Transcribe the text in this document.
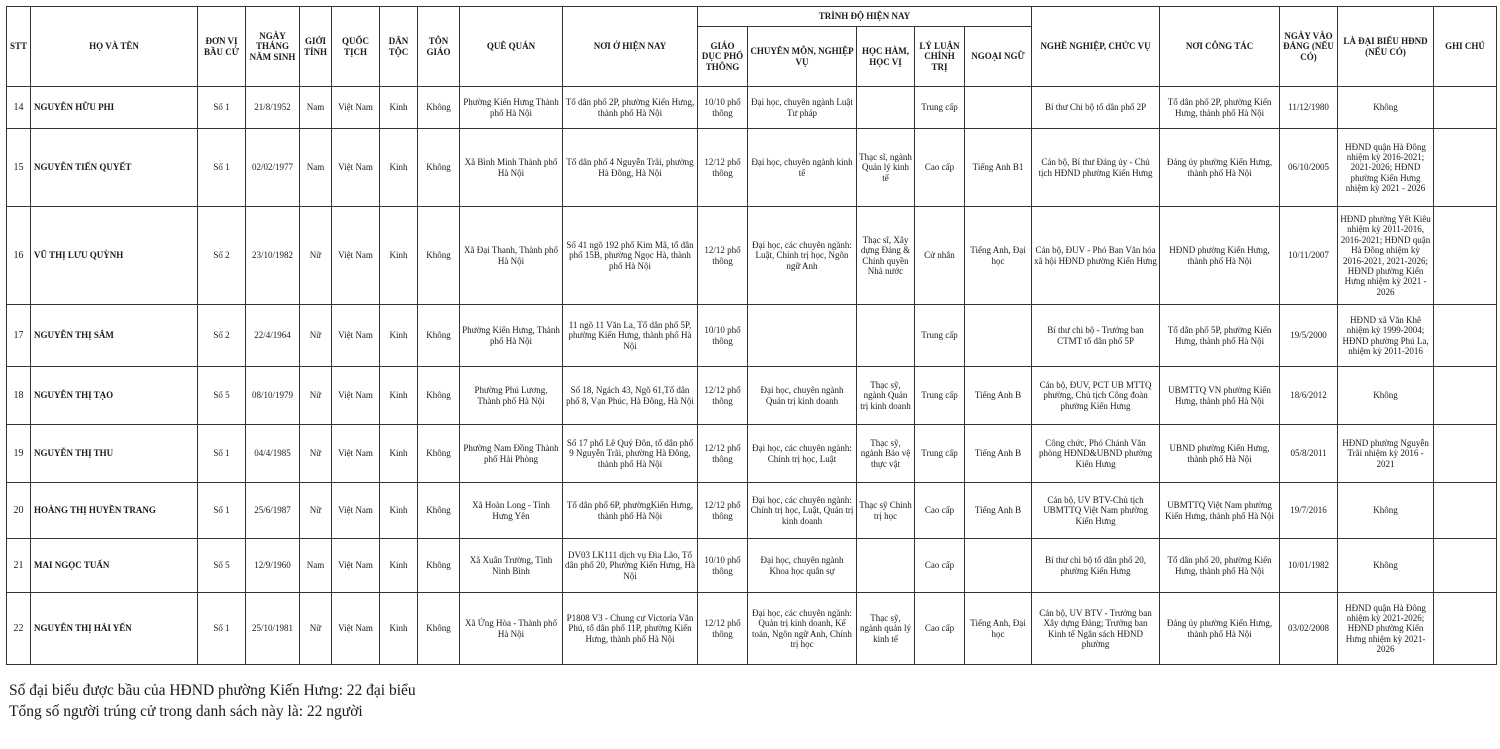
STT	HỌ VÀ TÊN	ĐƠN VỊ BẦU CỬ	NGÀY THÁNG NĂM SINH	GIỚI TÍNH	QUỐC TỊCH	DÂN TỘC	TÔN GIÁO	QUÊ QUÁN	NƠI Ở HIỆN NAY	TRÌNH ĐỘ HIỆN NAY					NGHỀ NGHIỆP, CHỨC VỤ	NƠI CÔNG TÁC	NGÀY VÀO ĐẢNG (NẾU CÓ)	LÀ ĐẠI BIỂU HĐND (NẾU CÓ)	GHI CHÚ
										GIÁO DỤC PHỔ THÔNG	CHUYÊN MÔN, NGHIỆP VỤ	HỌC HÀM, HỌC VỊ	LÝ LUẬN CHÍNH TRỊ	NGOẠI NGỮ					
14	NGUYỄN HỮU PHI	Số 1	21/8/1952	Nam	Việt Nam	Kinh	Không	Phường Kiến Hưng Thành phố Hà Nội	Tổ dân phố 2P, phường Kiến Hưng, thành phố Hà Nội	10/10 phổ thông	Đại học, chuyên ngành Luật Tư pháp		Trung cấp		Bí thư Chi bộ tổ dân phố 2P	Tổ dân phố 2P, phường Kiến Hưng, thành phố Hà Nội	11/12/1980	Không	
15	NGUYỄN TIẾN QUYẾT	Số 1	02/02/1977	Nam	Việt Nam	Kinh	Không	Xã Bình Minh Thành phố Hà Nội	Tổ dân phố 4 Nguyễn Trãi, phường Hà Đông, Hà Nội	12/12 phổ thông	Đại học, chuyên ngành kinh tế	Thạc sĩ, ngành Quản lý kinh tế	Cao cấp	Tiếng Anh B1	Cán bộ, Bí thư Đảng ủy - Chủ tịch HĐND phường Kiến Hưng	Đảng ủy phường Kiến Hưng, thành phố Hà Nội	06/10/2005	HĐND quận Hà Đông nhiệm kỳ 2016-2021; 2021-2026; HĐND phường Kiến Hưng nhiệm kỳ 2021 - 2026	
16	VŨ THỊ LƯU QUỲNH	Số 2	23/10/1982	Nữ	Việt Nam	Kinh	Không	Xã Đại Thanh, Thành phố Hà Nội	Số 41 ngõ 192 phố Kim Mã, tổ dân phố 15B, phường Ngọc Hà, thành phố Hà Nội	12/12 phổ thông	Đại học, các chuyên ngành: Luật, Chính trị học, Ngôn ngữ Anh	Thạc sĩ, Xây dựng Đảng & Chính quyền Nhà nước	Cử nhân	Tiếng Anh, Đại học	Cán bộ, ĐUV - Phó Ban Văn hóa xã hội HĐND phường Kiến Hưng	HĐND phường Kiến Hưng, thành phố Hà Nội	10/11/2007	HĐND phường Yết Kiêu nhiệm kỳ 2011-2016, 2016-2021; HĐND quận Hà Đông nhiệm kỳ 2016-2021, 2021-2026; HĐND phường Kiến Hưng nhiệm kỳ 2021 - 2026	
17	NGUYỄN THỊ SÂM	Số 2	22/4/1964	Nữ	Việt Nam	Kinh	Không	Phường Kiến Hưng, Thành phố Hà Nội	11 ngõ 11 Văn La, Tổ dân phố 5P, phường Kiến Hưng, thành phố Hà Nội	10/10 phổ thông			Trung cấp		Bí thư chi bộ - Trưởng ban CTMT tổ dân phố 5P	Tổ dân phố 5P, phường Kiến Hưng, thành phố Hà Nội	19/5/2000	HĐND xã Văn Khê nhiệm kỳ 1999-2004; HĐND phường Phú La, nhiệm kỳ 2011-2016	
18	NGUYỄN THỊ TẠO	Số 5	08/10/1979	Nữ	Việt Nam	Kinh	Không	Phường Phú Lương, Thành phố Hà Nội	Số 18, Ngách 43, Ngõ 61,Tổ dân phố 8, Vạn Phúc, Hà Đông, Hà Nội	12/12 phổ thông	Đại học, chuyên ngành Quản trị kinh doanh	Thạc sỹ, ngành Quản trị kinh doanh	Trung cấp	Tiếng Anh B	Cán bộ, ĐUV, PCT UB MTTQ phường, Chủ tịch Công đoàn phường Kiến Hưng	UBMTTQ VN phường Kiến Hưng, thành phố Hà Nội	18/6/2012	Không	
19	NGUYỄN THỊ THU	Số 1	04/4/1985	Nữ	Việt Nam	Kinh	Không	Phường Nam Đồng Thành phố Hải Phòng	Số 17 phố Lê Quý Đôn, tổ dân phố 9 Nguyễn Trãi, phường Hà Đông, thành phố Hà Nội	12/12 phổ thông	Đại học, các chuyên ngành: Chính trị học, Luật	Thạc sỹ, ngành Bảo vệ thực vật	Trung cấp	Tiếng Anh B	Công chức, Phó Chánh Văn phòng HĐND&UBND phường Kiến Hưng	UBND phường Kiến Hưng, thành phố Hà Nội	05/8/2011	HĐND phường Nguyễn Trãi nhiệm kỳ 2016 - 2021	
20	HOÀNG THỊ HUYỀN TRANG	Số 1	25/6/1987	Nữ	Việt Nam	Kinh	Không	Xã Hoàn Long - Tỉnh Hưng Yên	Tổ dân phố 6P, phườngKiến Hưng, thành phố Hà Nội	12/12 phổ thông	Đại học, các chuyên ngành: Chính trị học, Luật, Quản trị kinh doanh	Thạc sỹ Chính trị học	Cao cấp	Tiếng Anh B	Cán bộ, UV BTV-Chủ tịch UBMTTQ Việt Nam phường Kiến Hưng	UBMTTQ Việt Nam phường Kiến Hưng, thành phố Hà Nội	19/7/2016	Không	
21	MAI NGỌC TUẤN	Số 5	12/9/1960	Nam	Việt Nam	Kinh	Không	Xã Xuân Trường, Tỉnh Ninh Bình	DV03 LK111 dịch vụ Đìa Lão, Tổ dân phố 20, Phường Kiến Hưng, Hà Nội	10/10 phổ thông	Đại học, chuyên ngành Khoa học quân sự		Cao cấp		Bí thư chi bộ tổ dân phố 20, phường Kiến Hưng	Tổ dân phố 20, phường Kiến Hưng, thành phố Hà Nội	10/01/1982	Không	
22	NGUYỄN THỊ HẢI YẾN	Số 1	25/10/1981	Nữ	Việt Nam	Kinh	Không	Xã Ứng Hòa - Thành phố Hà Nội	P1808 V3 - Chung cư Victoria Văn Phú, tổ dân phố 11P, phường Kiến Hưng, thành phố Hà Nội	12/12 phổ thông	Đại học, các chuyên ngành: Quản trị kinh doanh, Kế toán, Ngôn ngữ Anh, Chính trị học	Thạc sỹ, ngành quản lý kinh tế	Cao cấp	Tiếng Anh, Đại học	Cán bộ, UV BTV - Trưởng ban Xây dựng Đảng; Trưởng ban Kinh tế Ngân sách HĐND phường	Đảng ủy phường Kiến Hưng, thành phố Hà Nội	03/02/2008	HĐND quận Hà Đông nhiệm kỳ 2021-2026; HĐND phường Kiến Hưng nhiệm kỳ 2021-2026	
Số đại biểu được bầu của HĐND phường Kiến Hưng: 22 đại biểu
Tổng số người trúng cử trong danh sách này là: 22 người
